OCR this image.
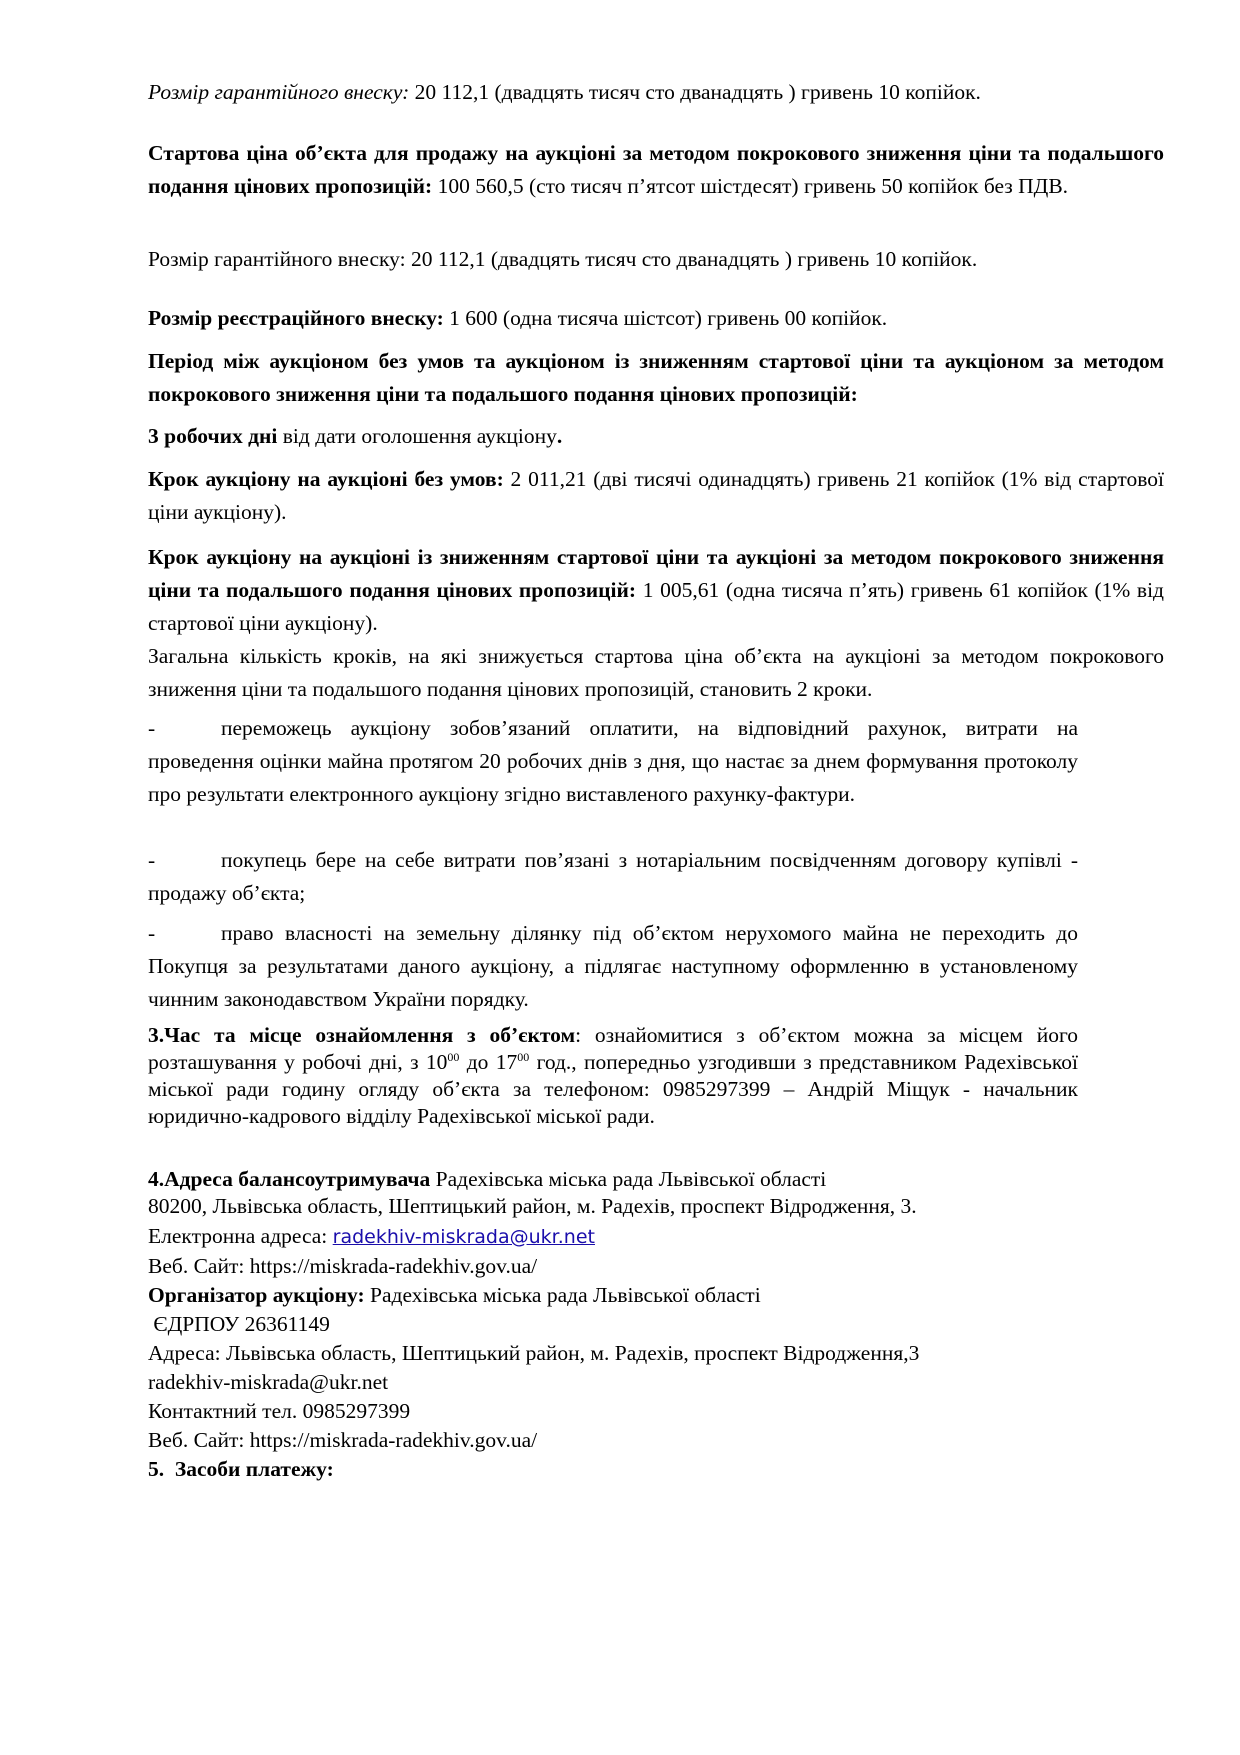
Розмір гарантійного внеску: 20 112,1 (двадцять тисяч сто дванадцять ) гривень 10 копійок.

Стартова ціна об’єкта для продажу на аукціоні за методом покрокового зниження ціни та подальшого подання цінових пропозицій: 100 560,5 (сто тисяч п’ятсот шістдесят) гривень 50 копійок без ПДВ.

Розмір гарантійного внеску: 20 112,1 (двадцять тисяч сто дванадцять ) гривень 10 копійок.

Розмір реєстраційного внеску: 1 600 (одна тисяча шістсот) гривень 00 копійок.

Період між аукціоном без умов та аукціоном із зниженням стартової ціни та аукціоном за методом покрокового зниження ціни та подальшого подання цінових пропозицій:

3 робочих дні від дати оголошення аукціону.

Крок аукціону на аукціоні без умов: 2 011,21 (дві тисячі одинадцять) гривень 21 копійок (1% від стартової ціни аукціону).

Крок аукціону на аукціоні із зниженням стартової ціни та аукціоні за методом покрокового зниження ціни та подальшого подання цінових пропозицій: 1 005,61 (одна тисяча п’ять) гривень 61 копійок (1% від стартової ціни аукціону).

Загальна кількість кроків, на які знижується стартова ціна об’єкта на аукціоні за методом покрокового зниження ціни та подальшого подання цінових пропозицій, становить 2 кроки.

-	переможець аукціону зобов’язаний оплатити, на відповідний рахунок, витрати на проведення оцінки майна протягом 20 робочих днів з дня, що настає за днем формування протоколу про результати електронного аукціону згідно виставленого рахунку-фактури.

-	покупець бере на себе витрати пов’язані з нотаріальним посвідченням договору купівлі - продажу об’єкта;

-	право власності на земельну ділянку під об’єктом нерухомого майна не переходить до Покупця за результатами даного аукціону, а підлягає наступному оформленню в установленому чинним законодавством України порядку.

3.Час та місце ознайомлення з об’єктом: ознайомитися з об’єктом можна за місцем його розташування у робочі дні, з $10^{00}$ до $17^{00}$ год., попередньо узгодивши з представником Радехівської міської ради годину огляду об’єкта за телефоном: 0985297399 – Андрій Міщук - начальник юридично-кадрового відділу Радехівської міської ради.

4.Адреса балансоутримувача Радехівська міська рада Львівської області
80200, Львівська область, Шептицький район, м. Радехів, проспект Відродження, 3.
Електронна адреса: radekhiv-miskrada@ukr.net
Веб. Сайт: https://miskrada-radekhiv.gov.ua/
Організатор аукціону: Радехівська міська рада Львівської області
ЄДРПОУ 26361149
Адреса: Львівська область, Шептицький район, м. Радехів, проспект Відродження,3
radekhiv-miskrada@ukr.net
Контактний тел. 0985297399
Веб. Сайт: https://miskrada-radekhiv.gov.ua/
5.  Засоби платежу:
